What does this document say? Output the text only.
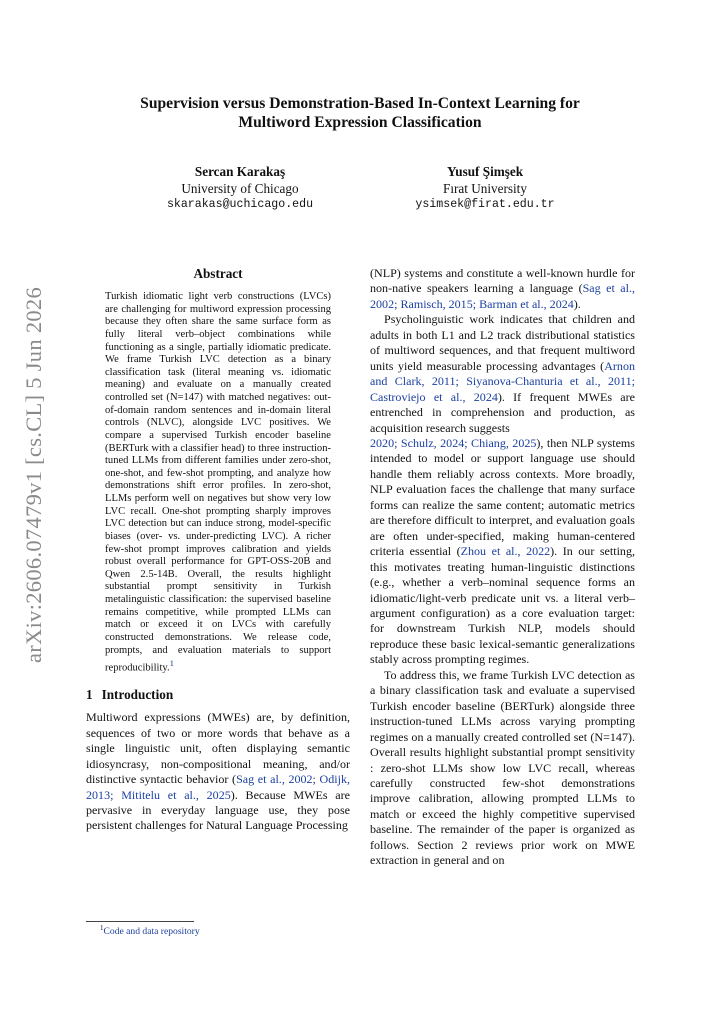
arXiv:2606.07479v1 [cs.CL] 5 Jun 2026
Supervision versus Demonstration-Based In-Context Learning for
Multiword Expression Classification
Sercan Karakaş
University of Chicago
skarakas@uchicago.edu
Yusuf Şimşek
Fırat University
ysimsek@firat.edu.tr
Abstract
Turkish idiomatic light verb constructions (LVCs) are challenging for multiword expression processing because they often share the same surface form as fully literal verb–object combinations while functioning as a single, partially idiomatic predicate. We frame Turkish LVC detection as a binary classification task (literal meaning vs. idiomatic meaning) and evaluate on a manually created controlled set (N=147) with matched negatives: out-of-domain random sentences and in-domain literal controls (NLVC), alongside LVC positives. We compare a supervised Turkish encoder baseline (BERTurk with a classifier head) to three instruction-tuned LLMs from different families under zero-shot, one-shot, and few-shot prompting, and analyze how demonstrations shift error profiles. In zero-shot, LLMs perform well on negatives but show very low LVC recall. One-shot prompting sharply improves LVC detection but can induce strong, model-specific biases (over- vs. under-predicting LVC). A richer few-shot prompt improves calibration and yields robust overall performance for GPT-OSS-20B and Qwen 2.5-14B. Overall, the results highlight substantial prompt sensitivity in Turkish metalinguistic classification: the supervised baseline remains competitive, while prompted LLMs can match or exceed it on LVCs with carefully constructed demonstrations. We release code, prompts, and evaluation materials to support reproducibility.$^1$
1 Introduction

Multiword expressions (MWEs) are, by definition, sequences of two or more words that behave as a single linguistic unit, often displaying semantic idiosyncrasy, non-compositional meaning, and/or distinctive syntactic behavior (Sag et al., 2002; Odijk, 2013; Mititelu et al., 2025). Because MWEs are pervasive in everyday language use, they pose persistent challenges for Natural Language Processing

$^1$Code and data repository

(NLP) systems and constitute a well-known hurdle for non-native speakers learning a language (Sag et al., 2002; Ramisch, 2015; Barman et al., 2024).

Psycholinguistic work indicates that children and adults in both L1 and L2 track distributional statistics of multiword sequences, and that frequent multiword units yield measurable processing advantages (Arnon and Clark, 2011; Siyanova-Chanturia et al., 2011; Castroviejo et al., 2024). If frequent MWEs are entrenched in comprehension and production, as acquisition research suggests
2020; Schulz, 2024; Chiang, 2025), then NLP systems intended to model or support language use should handle them reliably across contexts. More broadly, NLP evaluation faces the challenge that many surface forms can realize the same content; automatic metrics are therefore difficult to interpret, and evaluation goals are often under-specified, making human-centered criteria essential (Zhou et al., 2022). In our setting, this motivates treating human-linguistic distinctions (e.g., whether a verb–nominal sequence forms an idiomatic/light-verb predicate unit vs. a literal verb–argument configuration) as a core evaluation target: for downstream Turkish NLP, models should reproduce these basic lexical-semantic generalizations stably across prompting regimes.

To address this, we frame Turkish LVC detection as a binary classification task and evaluate a supervised Turkish encoder baseline (BERTurk) alongside three instruction-tuned LLMs across varying prompting regimes on a manually created controlled set (N=147). Overall results highlight substantial prompt sensitivity : zero-shot LLMs show low LVC recall, whereas carefully constructed few-shot demonstrations improve calibration, allowing prompted LLMs to match or exceed the highly competitive supervised baseline. The remainder of the paper is organized as follows. Section 2 reviews prior work on MWE extraction in general and on
